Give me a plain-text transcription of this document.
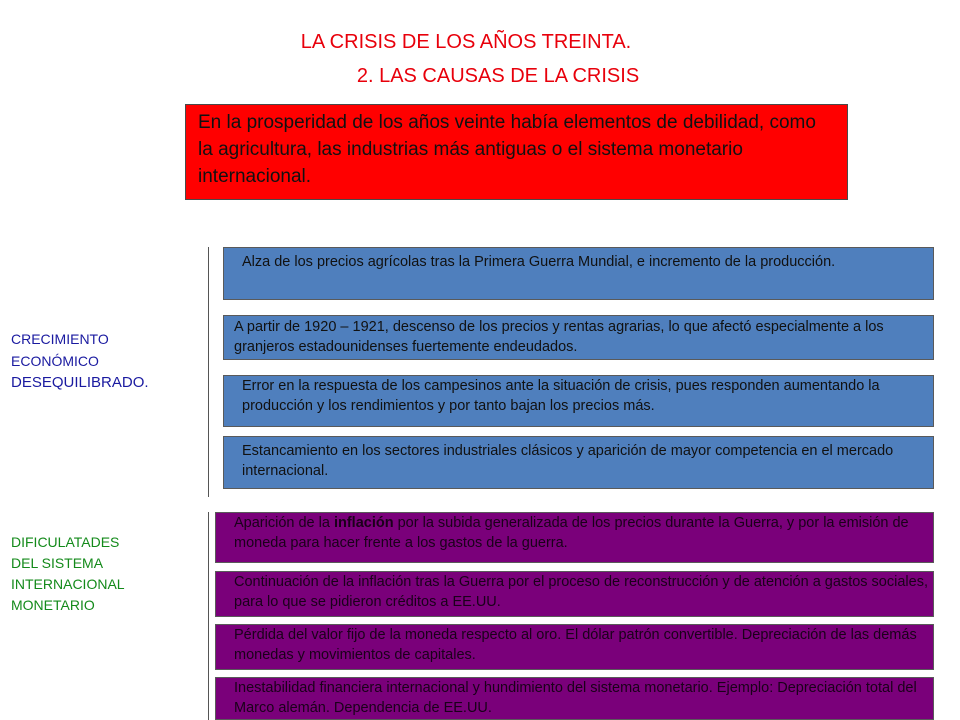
LA CRISIS DE LOS AÑOS TREINTA.
2. LAS CAUSAS DE LA CRISIS
En la prosperidad de los años veinte había elementos de debilidad, como la agricultura, las industrias más antiguas o el sistema monetario internacional.
CRECIMIENTO
ECONÓMICO
DESEQUILIBRADO.
DIFICULATADES
DEL SISTEMA
INTERNACIONAL
MONETARIO
Alza de los precios agrícolas tras la Primera Guerra Mundial, e incremento de la producción.
A partir de 1920 – 1921, descenso de los precios y rentas agrarias, lo que afectó especialmente a los granjeros estadounidenses fuertemente endeudados.
Error en la respuesta de los campesinos ante la situación de crisis, pues responden aumentando la producción y los rendimientos y por tanto bajan los precios más.
Estancamiento en los sectores industriales clásicos y aparición de mayor competencia en el mercado internacional.
Aparición de la inflación por la subida generalizada de los precios durante la Guerra, y por la emisión de moneda para hacer frente a los gastos de la guerra.
Continuación de la inflación tras la Guerra por el proceso de reconstrucción y de atención a gastos sociales, para lo que se pidieron créditos a EE.UU.
Pérdida del valor fijo de la moneda respecto al oro. El dólar patrón convertible. Depreciación de las demás monedas y movimientos de capitales.
Inestabilidad financiera internacional y hundimiento del sistema monetario. Ejemplo: Depreciación total del Marco alemán. Dependencia de EE.UU.
